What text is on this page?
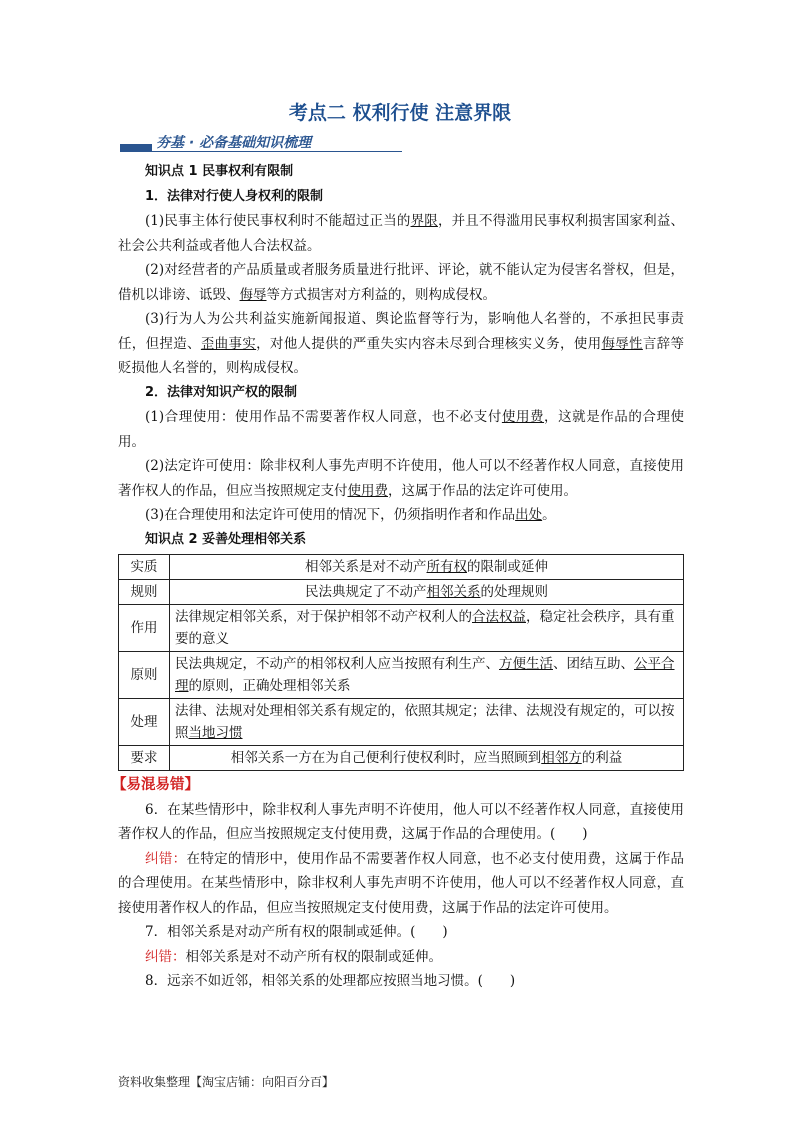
考点二 权利行使 注意界限
夯基 · 必备基础知识梳理

知识点 1 民事权利有限制

1．法律对行使人身权利的限制

(1)民事主体行使民事权利时不能超过正当的界限，并且不得滥用民事权利损害国家利益、社会公共利益或者他人合法权益。

(2)对经营者的产品质量或者服务质量进行批评、评论，就不能认定为侵害名誉权，但是，借机以诽谤、诋毁、侮辱等方式损害对方利益的，则构成侵权。

(3)行为人为公共利益实施新闻报道、舆论监督等行为，影响他人名誉的，不承担民事责任，但捏造、歪曲事实，对他人提供的严重失实内容未尽到合理核实义务，使用侮辱性言辞等贬损他人名誉的，则构成侵权。

2．法律对知识产权的限制

(1)合理使用：使用作品不需要著作权人同意，也不必支付使用费，这就是作品的合理使用。

(2)法定许可使用：除非权利人事先声明不许使用，他人可以不经著作权人同意，直接使用著作权人的作品，但应当按照规定支付使用费，这属于作品的法定许可使用。

(3)在合理使用和法定许可使用的情况下，仍须指明作者和作品出处。

知识点 2 妥善处理相邻关系

实质	相邻关系是对不动产所有权的限制或延伸
规则	民法典规定了不动产相邻关系的处理规则
作用	法律规定相邻关系，对于保护相邻不动产权利人的合法权益，稳定社会秩序，具有重要的意义
原则	民法典规定，不动产的相邻权利人应当按照有利生产、方便生活、团结互助、公平合理的原则，正确处理相邻关系
处理	法律、法规对处理相邻关系有规定的，依照其规定；法律、法规没有规定的，可以按照当地习惯
要求	相邻关系一方在为自己便利行使权利时，应当照顾到相邻方的利益
【易混易错】

6．在某些情形中，除非权利人事先声明不许使用，他人可以不经著作权人同意，直接使用著作权人的作品，但应当按照规定支付使用费，这属于作品的合理使用。(　　)

纠错：在特定的情形中，使用作品不需要著作权人同意，也不必支付使用费，这属于作品的合理使用。在某些情形中，除非权利人事先声明不许使用，他人可以不经著作权人同意，直接使用著作权人的作品，但应当按照规定支付使用费，这属于作品的法定许可使用。

7．相邻关系是对动产所有权的限制或延伸。(　　)

纠错：相邻关系是对不动产所有权的限制或延伸。

8．远亲不如近邻，相邻关系的处理都应按照当地习惯。(　　)

资料收集整理【淘宝店铺：向阳百分百】
